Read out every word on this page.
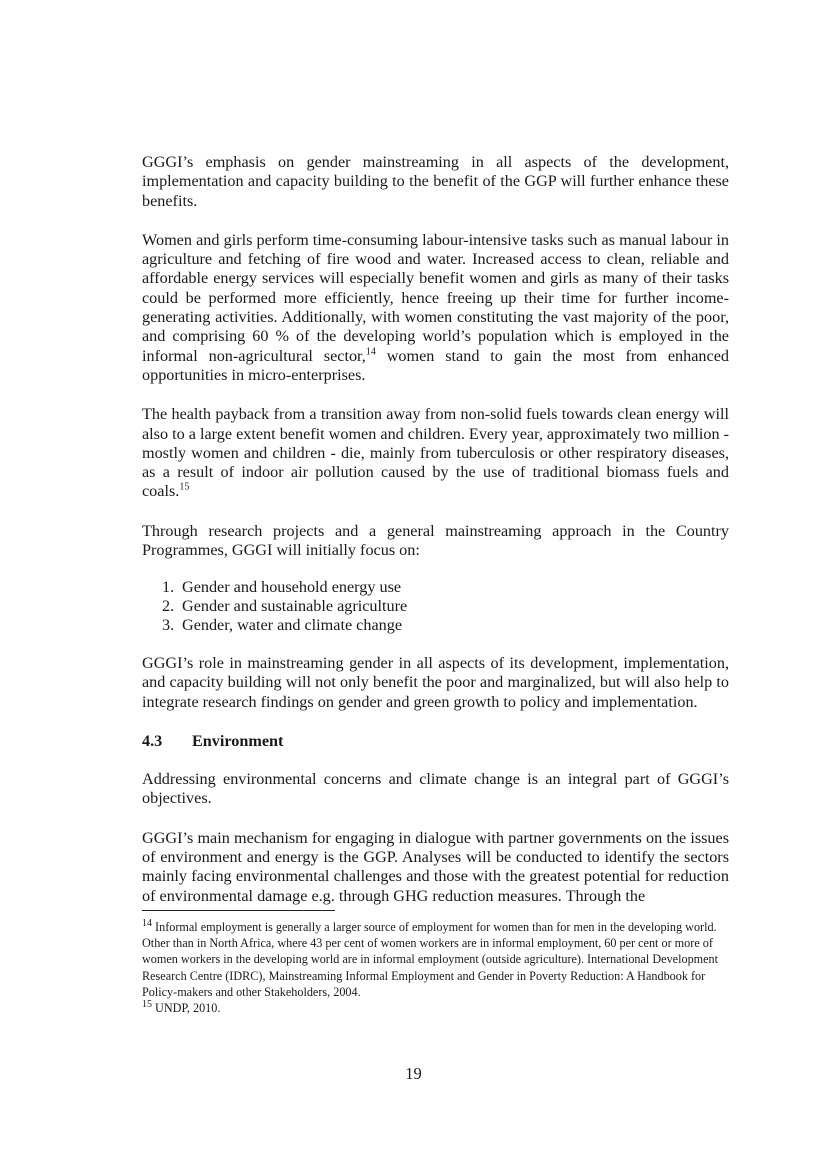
GGGI’s emphasis on gender mainstreaming in all aspects of the development, implementation and capacity building to the benefit of the GGP will further enhance these benefits.

Women and girls perform time-consuming labour-intensive tasks such as manual labour in agriculture and fetching of fire wood and water. Increased access to clean, reliable and affordable energy services will especially benefit women and girls as many of their tasks could be performed more efficiently, hence freeing up their time for further income-generating activities. Additionally, with women constituting the vast majority of the poor, and comprising 60 % of the developing world’s population which is employed in the informal non-agricultural sector,$^{14}$ women stand to gain the most from enhanced opportunities in micro-enterprises.

The health payback from a transition away from non-solid fuels towards clean energy will also to a large extent benefit women and children. Every year, approximately two million - mostly women and children - die, mainly from tuberculosis or other respiratory diseases, as a result of indoor air pollution caused by the use of traditional biomass fuels and coals.$^{15}$

Through research projects and a general mainstreaming approach in the Country Programmes, GGGI will initially focus on:

1. Gender and household energy use
2. Gender and sustainable agriculture
3. Gender, water and climate change

GGGI’s role in mainstreaming gender in all aspects of its development, implementation, and capacity building will not only benefit the poor and marginalized, but will also help to integrate research findings on gender and green growth to policy and implementation.

4.3	Environment

Addressing environmental concerns and climate change is an integral part of GGGI’s objectives.

GGGI’s main mechanism for engaging in dialogue with partner governments on the issues of environment and energy is the GGP. Analyses will be conducted to identify the sectors mainly facing environmental challenges and those with the greatest potential for reduction of environmental damage e.g. through GHG reduction measures. Through the

$^{14}$ Informal employment is generally a larger source of employment for women than for men in the developing world. Other than in North Africa, where 43 per cent of women workers are in informal employment, 60 per cent or more of women workers in the developing world are in informal employment (outside agriculture). International Development Research Centre (IDRC), Mainstreaming Informal Employment and Gender in Poverty Reduction: A Handbook for Policy-makers and other Stakeholders, 2004.

$^{15}$ UNDP, 2010.

19
